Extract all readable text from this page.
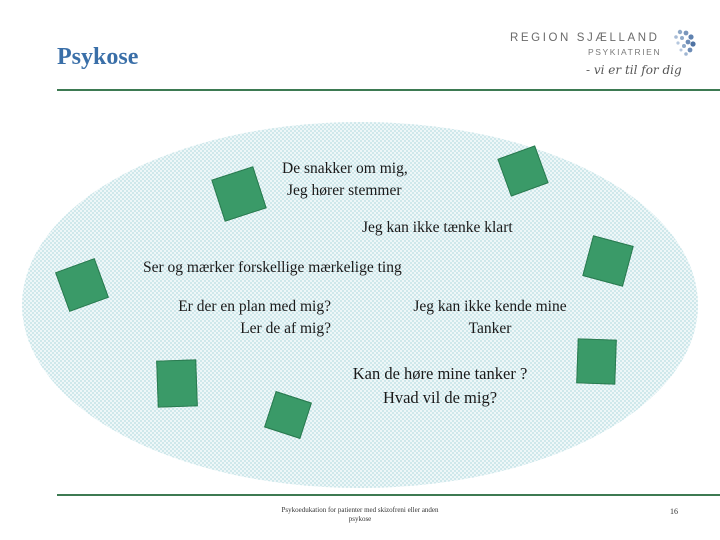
Psykose
REGION SJÆLLAND
PSYKIATRIEN
- vi er til for dig
De snakker om mig,
Jeg hører stemmer
Jeg kan ikke tænke klart
Ser og mærker forskellige mærkelige ting
Er der en plan med mig?
Ler de af mig?
Jeg kan ikke kende mine
Tanker
Kan de høre mine tanker ?
Hvad vil de mig?
Psykoedukation for patienter med skizofreni eller anden
psykose
16
